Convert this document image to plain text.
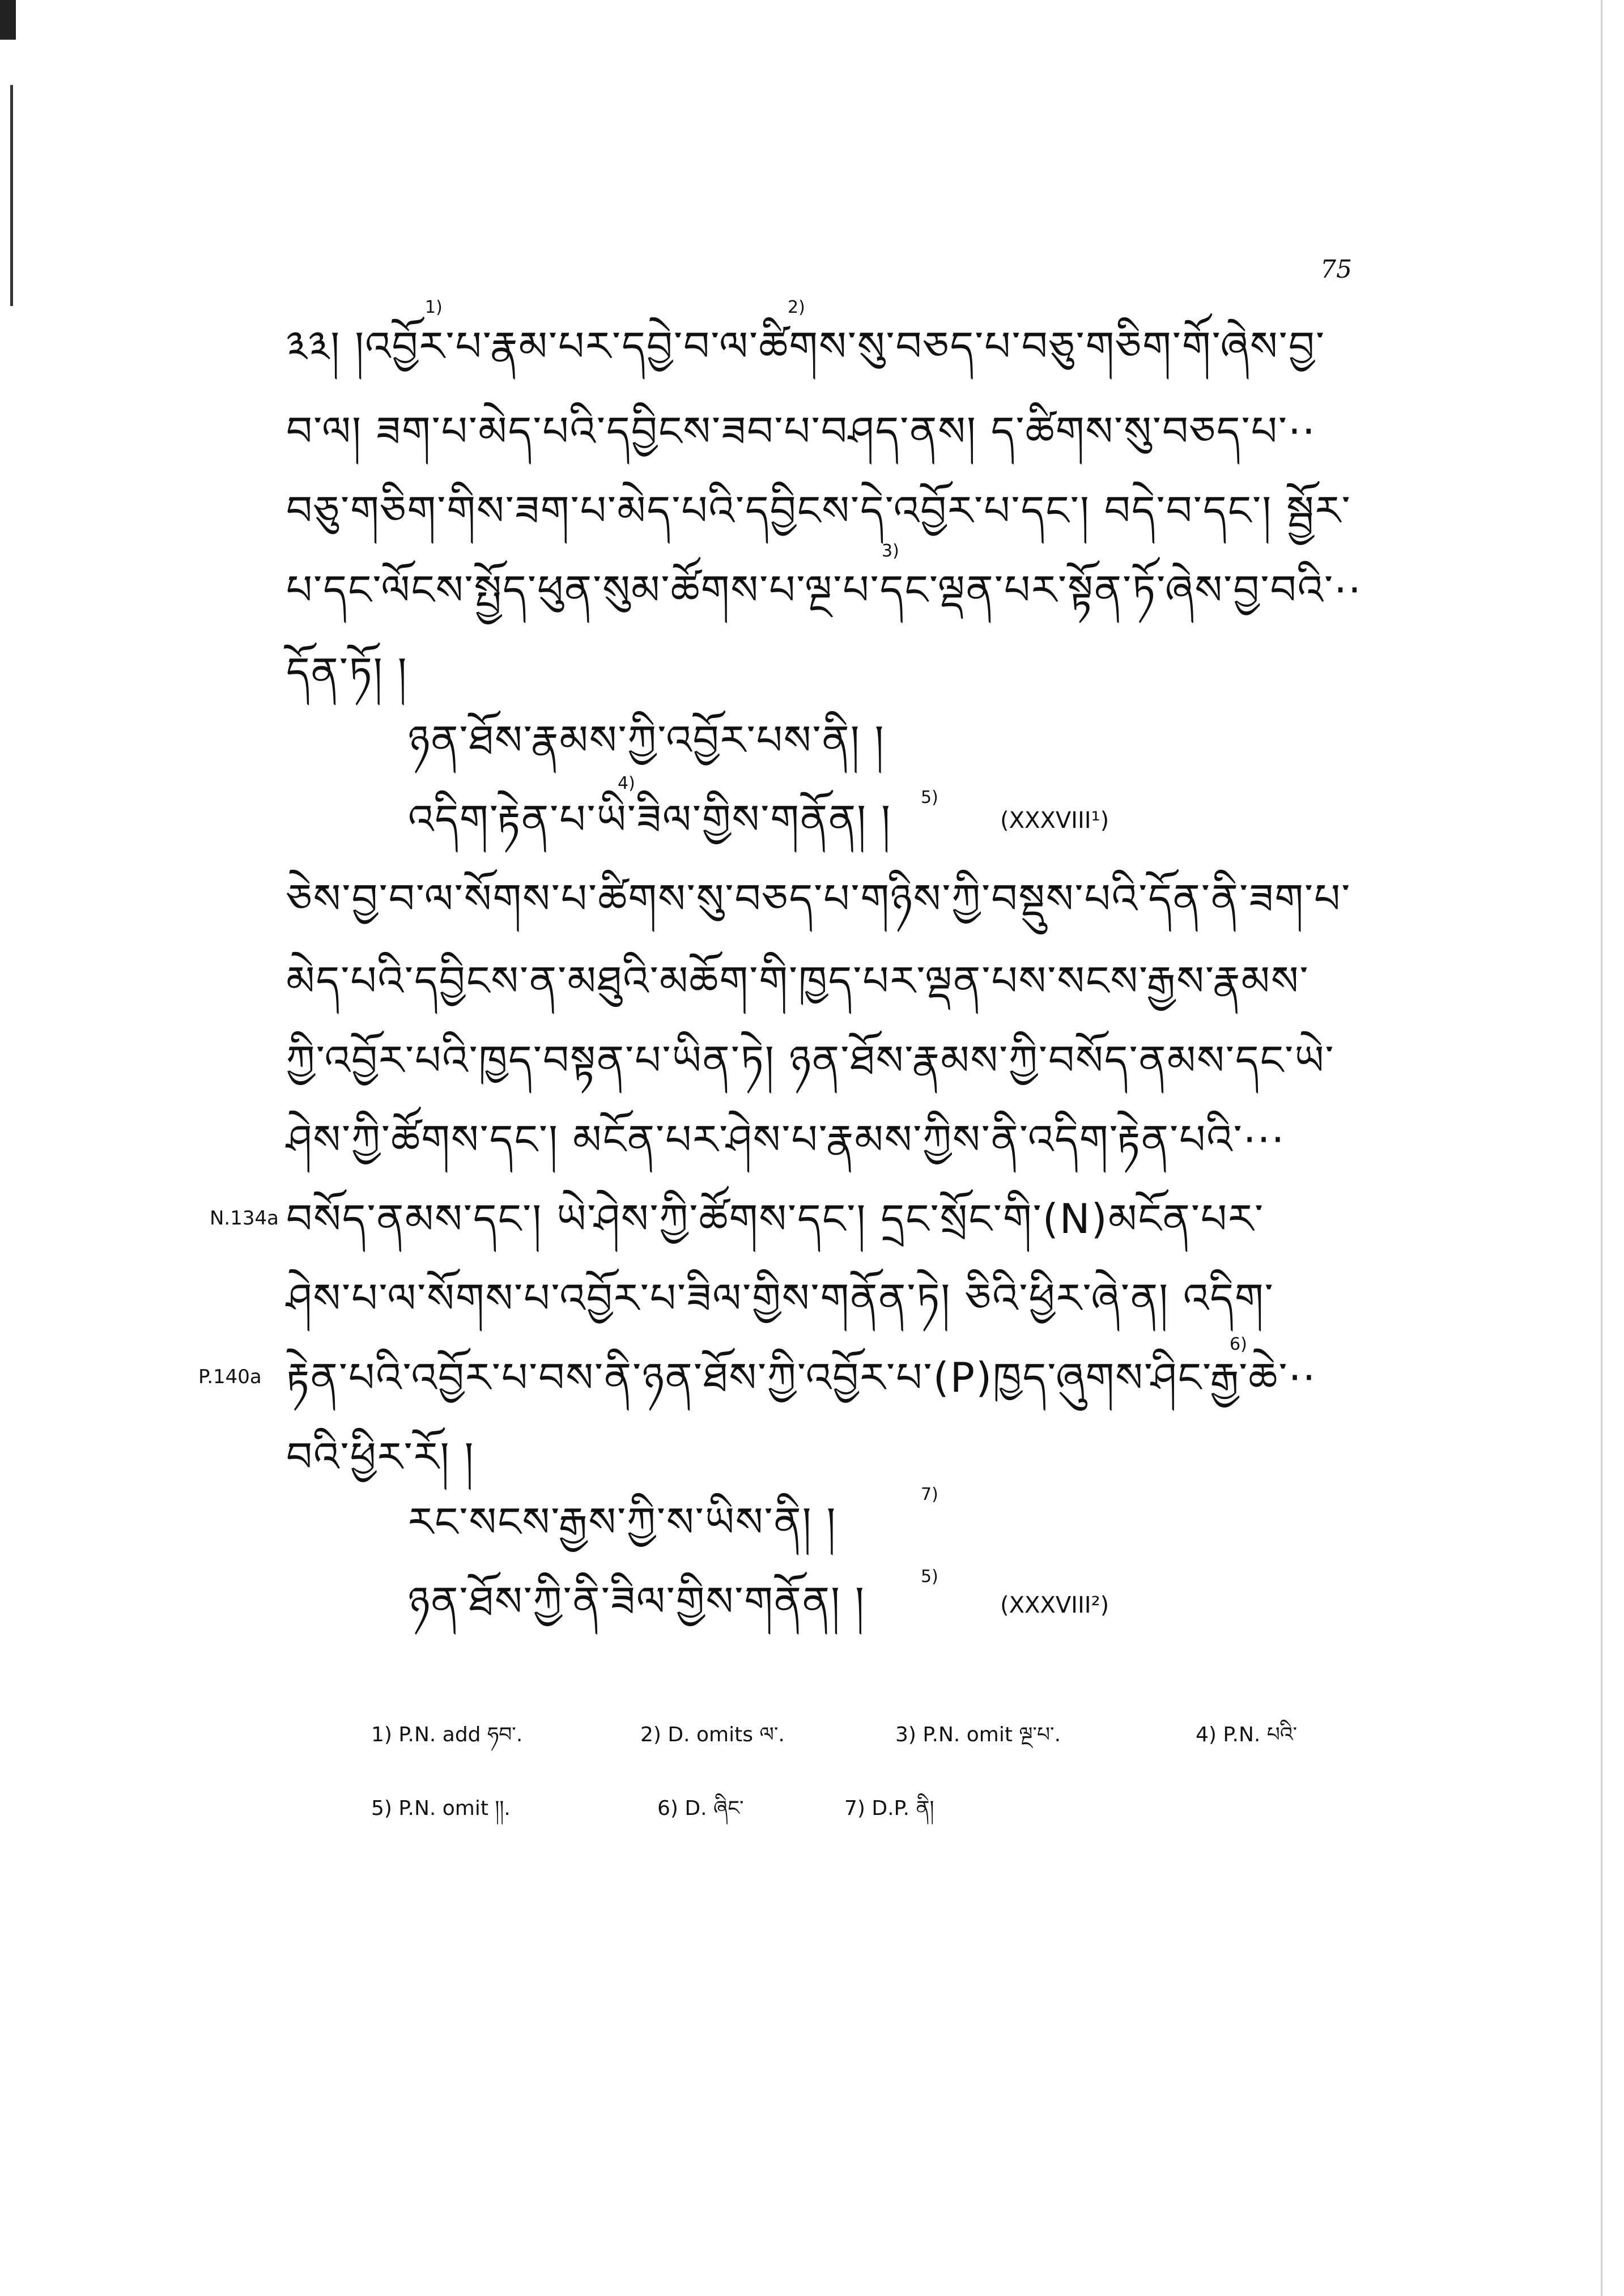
75
1)	2)
༣༣། །འབྱོར་པ་རྣམ་པར་དབྱེ་བ་ལ་ཚིགས་སུ་བཅད་པ་བཅུ་གཅིག་གོ་ཞེས་བྱ་
བ་ལ། ཟག་པ་མེད་པའི་དབྱིངས་ཟབ་པ་བཤད་ནས། ད་ཚིགས་སུ་བཅད་པ་··
བཅུ་གཅིག་གིས་ཟག་པ་མེད་པའི་དབྱིངས་དེ་འབྱོར་པ་དང་། བདེ་བ་དང་། སྦྱོར་
3)
པ་དང་ལོངས་སྤྱོད་ཕུན་སུམ་ཚོགས་པ་ལྔ་པ་དང་ལྡན་པར་སྟོན་ཏོ་ཞེས་བྱ་བའི་··
དོན་ཏོ། །
ཉན་ཐོས་རྣམས་ཀྱི་འབྱོར་པས་ནི། །
4)
5)
འདིག་རྟེན་པ་ཡི་ཟིལ་གྱིས་གནོན། །	(XXXVIII¹)
ཅེས་བྱ་བ་ལ་སོགས་པ་ཚིགས་སུ་བཅད་པ་གཉིས་ཀྱི་བསྡུས་པའི་དོན་ནི་ཟག་པ་
མེད་པའི་དབྱིངས་ན་མཐུའི་མཆོག་གི་ཁྱད་པར་ལྡན་པས་སངས་རྒྱས་རྣམས་
ཀྱི་འབྱོར་པའི་ཁྱད་བསྟན་པ་ཡིན་ཏེ། ཉན་ཐོས་རྣམས་ཀྱི་བསོད་ནམས་དང་ཡེ་
ཤེས་ཀྱི་ཚོགས་དང་། མངོན་པར་ཤེས་པ་རྣམས་ཀྱིས་ནི་འདིག་རྟེན་པའི་···
N.134a བསོད་ནམས་དང་། ཡེ་ཤེས་ཀྱི་ཚོགས་དང་། དྲང་སྲོང་གི་(N)མངོན་པར་
ཤེས་པ་ལ་སོགས་པ་འབྱོར་པ་ཟིལ་གྱིས་གནོན་ཏེ། ཅིའི་ཕྱིར་ཞེ་ན། འདིག་
P.140a
6)
རྟེན་པའི་འབྱོར་པ་བས་ནི་ཉན་ཐོས་ཀྱི་འབྱོར་པ་(P)ཁྱད་ཞུགས་ཤིང་རྒྱ་ཆེ་··
བའི་ཕྱིར་རོ། །
7)
རང་སངས་རྒྱས་ཀྱི་ས་ཡིས་ནི། །
5)
ཉན་ཐོས་ཀྱི་ནི་ཟིལ་གྱིས་གནོན། །	(XXXVIII²)
1) P.N. add ཧབ་.	2) D. omits ལ་.	3) P.N. omit ལྔ་པ་.	4) P.N. པའི་
5) P.N. omit །།.	6) D. ཞིང་	7) D.P. ནི།
